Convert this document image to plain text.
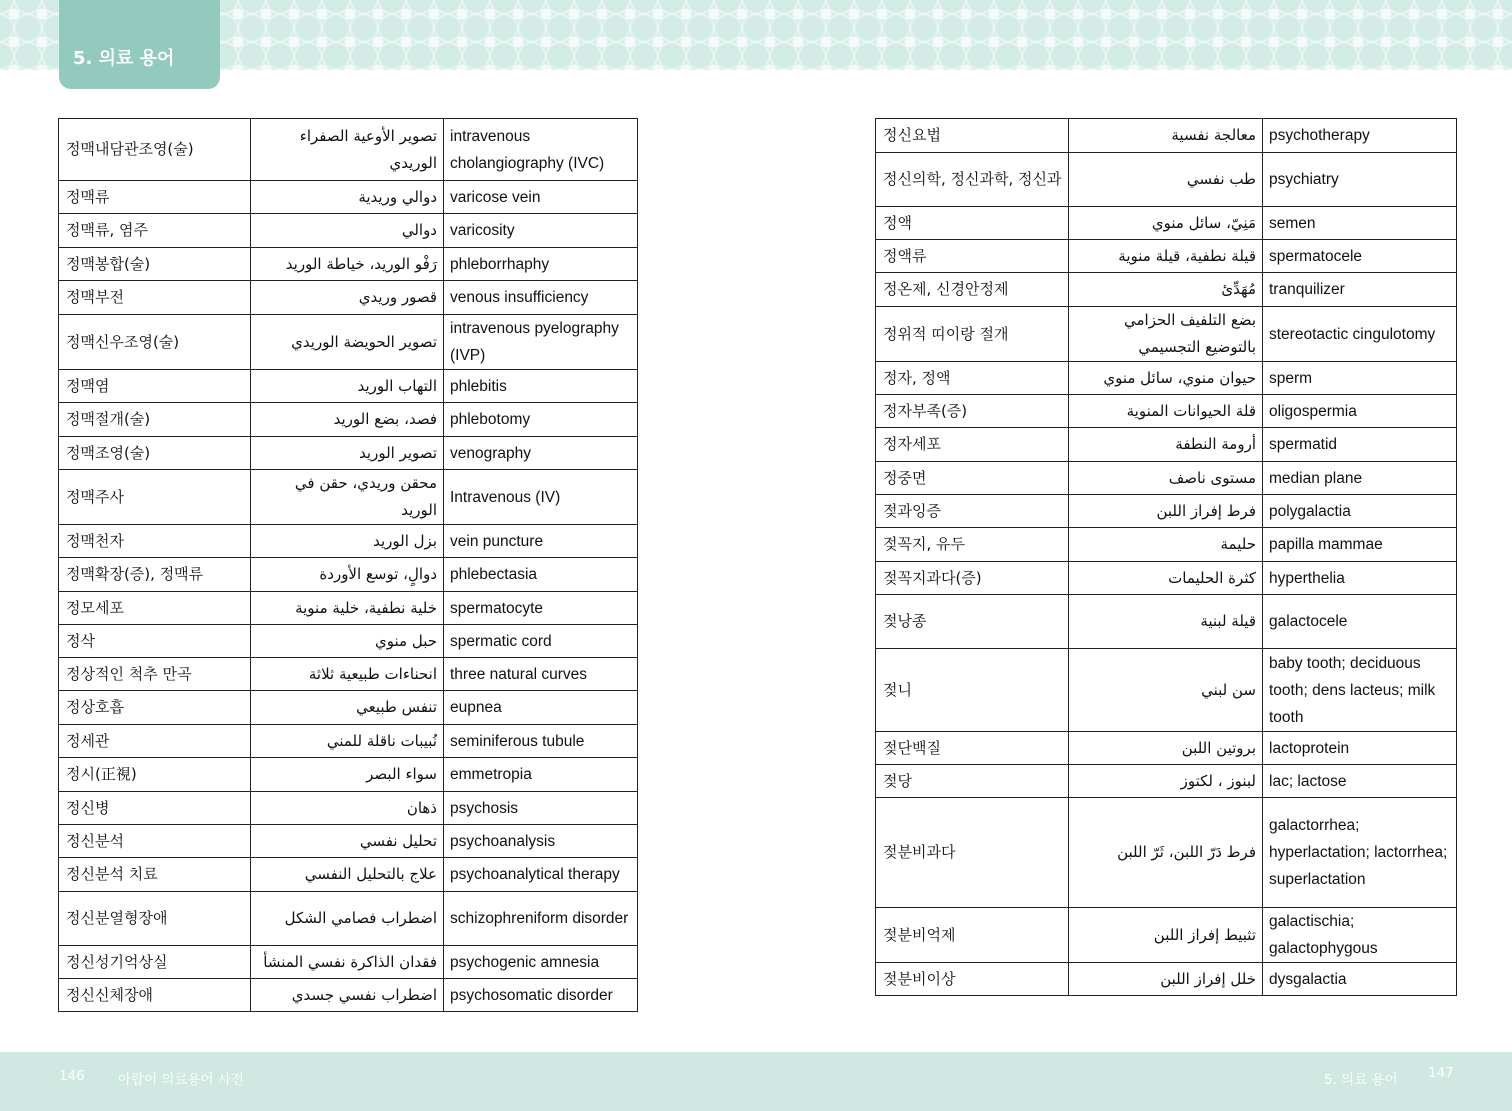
5. 의료 용어
정맥내담관조영(술)	تصوير الأوعية الصفراء الوريدي	intravenous cholangiography (IVC)
정맥류	دوالي وريدية	varicose vein
정맥류, 염주	دوالي	varicosity
정맥봉합(술)	رَفْو الوريد، خياطة الوريد	phleborrhaphy
정맥부전	قصور وريدي	venous insufficiency
정맥신우조영(술)	تصوير الحويضة الوريدي	intravenous pyelography (IVP)
정맥염	التهاب الوريد	phlebitis
정맥절개(술)	فصد، بضع الوريد	phlebotomy
정맥조영(술)	تصوير الوريد	venography
정맥주사	محقن وريدي، حقن في الوريد	Intravenous (IV)
정맥천자	بزل الوريد	vein puncture
정맥확장(증), 정맥류	دوالٍ، توسع الأوردة	phlebectasia
정모세포	خلية نطفية، خلية منوية	spermatocyte
정삭	حبل منوي	spermatic cord
정상적인 척추 만곡	انحناءات طبيعية ثلاثة	three natural curves
정상호흡	تنفس طبيعي	eupnea
정세관	نُبيبات ناقلة للمني	seminiferous tubule
정시(正視)	سواء البصر	emmetropia
정신병	ذهان	psychosis
정신분석	تحليل نفسي	psychoanalysis
정신분석 치료	علاج بالتحليل النفسي	psychoanalytical therapy
정신분열형장애	اضطراب فصامي الشكل	schizophreniform disorder
정신성기억상실	فقدان الذاكرة نفسي المنشأ	psychogenic amnesia
정신신체장애	اضطراب نفسي جسدي	psychosomatic disorder
정신요법	معالجة نفسية	psychotherapy
정신의학, 정신과학, 정신과	طب نفسي	psychiatry
정액	مَنِيّ، سائل منوي	semen
정액류	قيلة نطفية، قيلة منوية	spermatocele
정온제, 신경안정제	مُهَدِّئ	tranquilizer
정위적 띠이랑 절개	بضع التلفيف الحزامي بالتوضيع التجسيمي	stereotactic cingulotomy
정자, 정액	حيوان منوي، سائل منوي	sperm
정자부족(증)	قلة الحيوانات المنوية	oligospermia
정자세포	أرومة النطفة	spermatid
정중면	مستوى ناصف	median plane
젖과잉증	فرط إفراز اللبن	polygalactia
젖꼭지, 유두	حليمة	papilla mammae
젖꼭지과다(증)	كثرة الحليمات	hyperthelia
젖낭종	قيلة لبنية	galactocele
젖니	سن لبني	baby tooth; deciduous tooth; dens lacteus; milk tooth
젖단백질	بروتين اللبن	lactoprotein
젖당	لبنوز ، لكتوز	lac; lactose
젖분비과다	فرط دَرّ اللبن، ثَرّ اللبن	galactorrhea; hyperlactation; lactorrhea; superlactation
젖분비억제	تثبيط إفراز اللبن	galactischia; galactophygous
젖분비이상	خلل إفراز اللبن	dysgalactia
146 아랍어 의료용어 사전	5. 의료 용어 147
